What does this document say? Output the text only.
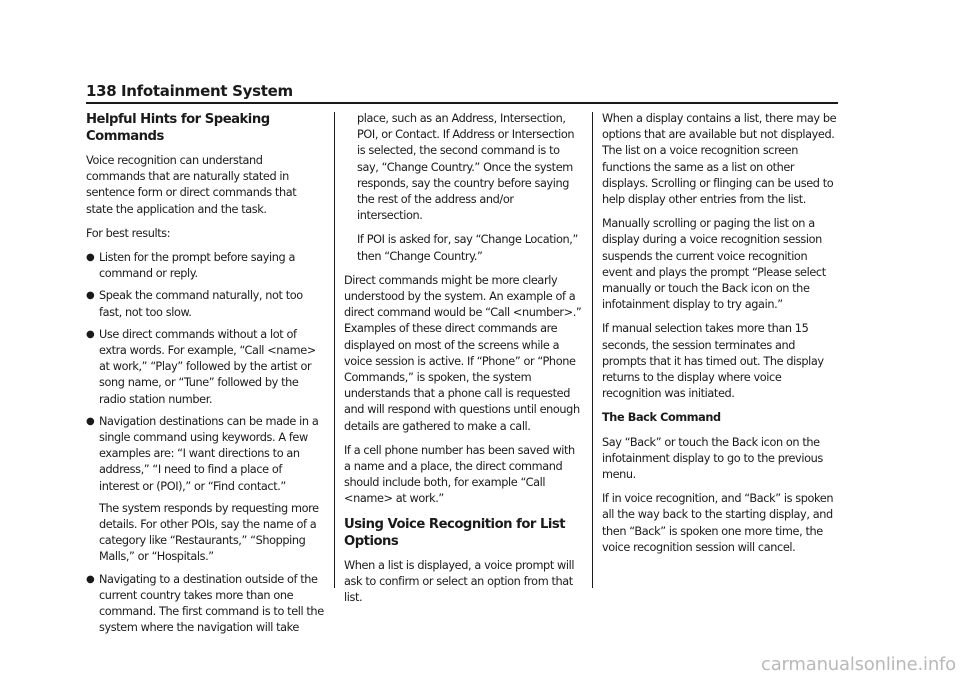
138 Infotainment System
Helpful Hints for Speaking Commands

Voice recognition can understand commands that are naturally stated in sentence form or direct commands that state the application and the task.

For best results:

● Listen for the prompt before saying a command or reply.
● Speak the command naturally, not too fast, not too slow.
● Use direct commands without a lot of extra words. For example, “Call <name> at work,” “Play” followed by the artist or song name, or “Tune” followed by the radio station number.
● Navigation destinations can be made in a single command using keywords. A few examples are: “I want directions to an address,” “I need to find a place of interest or (POI),” or “Find contact.”

The system responds by requesting more details. For other POIs, say the name of a category like “Restaurants,” “Shopping Malls,” or “Hospitals.”

● Navigating to a destination outside of the current country takes more than one command. The first command is to tell the system where the navigation will take

place, such as an Address, Intersection, POI, or Contact. If Address or Intersection is selected, the second command is to say, “Change Country.” Once the system responds, say the country before saying the rest of the address and/or intersection.

If POI is asked for, say “Change Location,” then “Change Country.”

Direct commands might be more clearly understood by the system. An example of a direct command would be “Call <number>.” Examples of these direct commands are displayed on most of the screens while a voice session is active. If “Phone” or “Phone Commands,” is spoken, the system understands that a phone call is requested and will respond with questions until enough details are gathered to make a call.

If a cell phone number has been saved with a name and a place, the direct command should include both, for example “Call <name> at work.”

Using Voice Recognition for List Options

When a list is displayed, a voice prompt will ask to confirm or select an option from that list.

When a display contains a list, there may be options that are available but not displayed. The list on a voice recognition screen functions the same as a list on other displays. Scrolling or flinging can be used to help display other entries from the list.

Manually scrolling or paging the list on a display during a voice recognition session suspends the current voice recognition event and plays the prompt “Please select manually or touch the Back icon on the infotainment display to try again.”

If manual selection takes more than 15 seconds, the session terminates and prompts that it has timed out. The display returns to the display where voice recognition was initiated.

The Back Command

Say “Back” or touch the Back icon on the infotainment display to go to the previous menu.

If in voice recognition, and “Back” is spoken all the way back to the starting display, and then “Back” is spoken one more time, the voice recognition session will cancel.

carmanualsonline.info
